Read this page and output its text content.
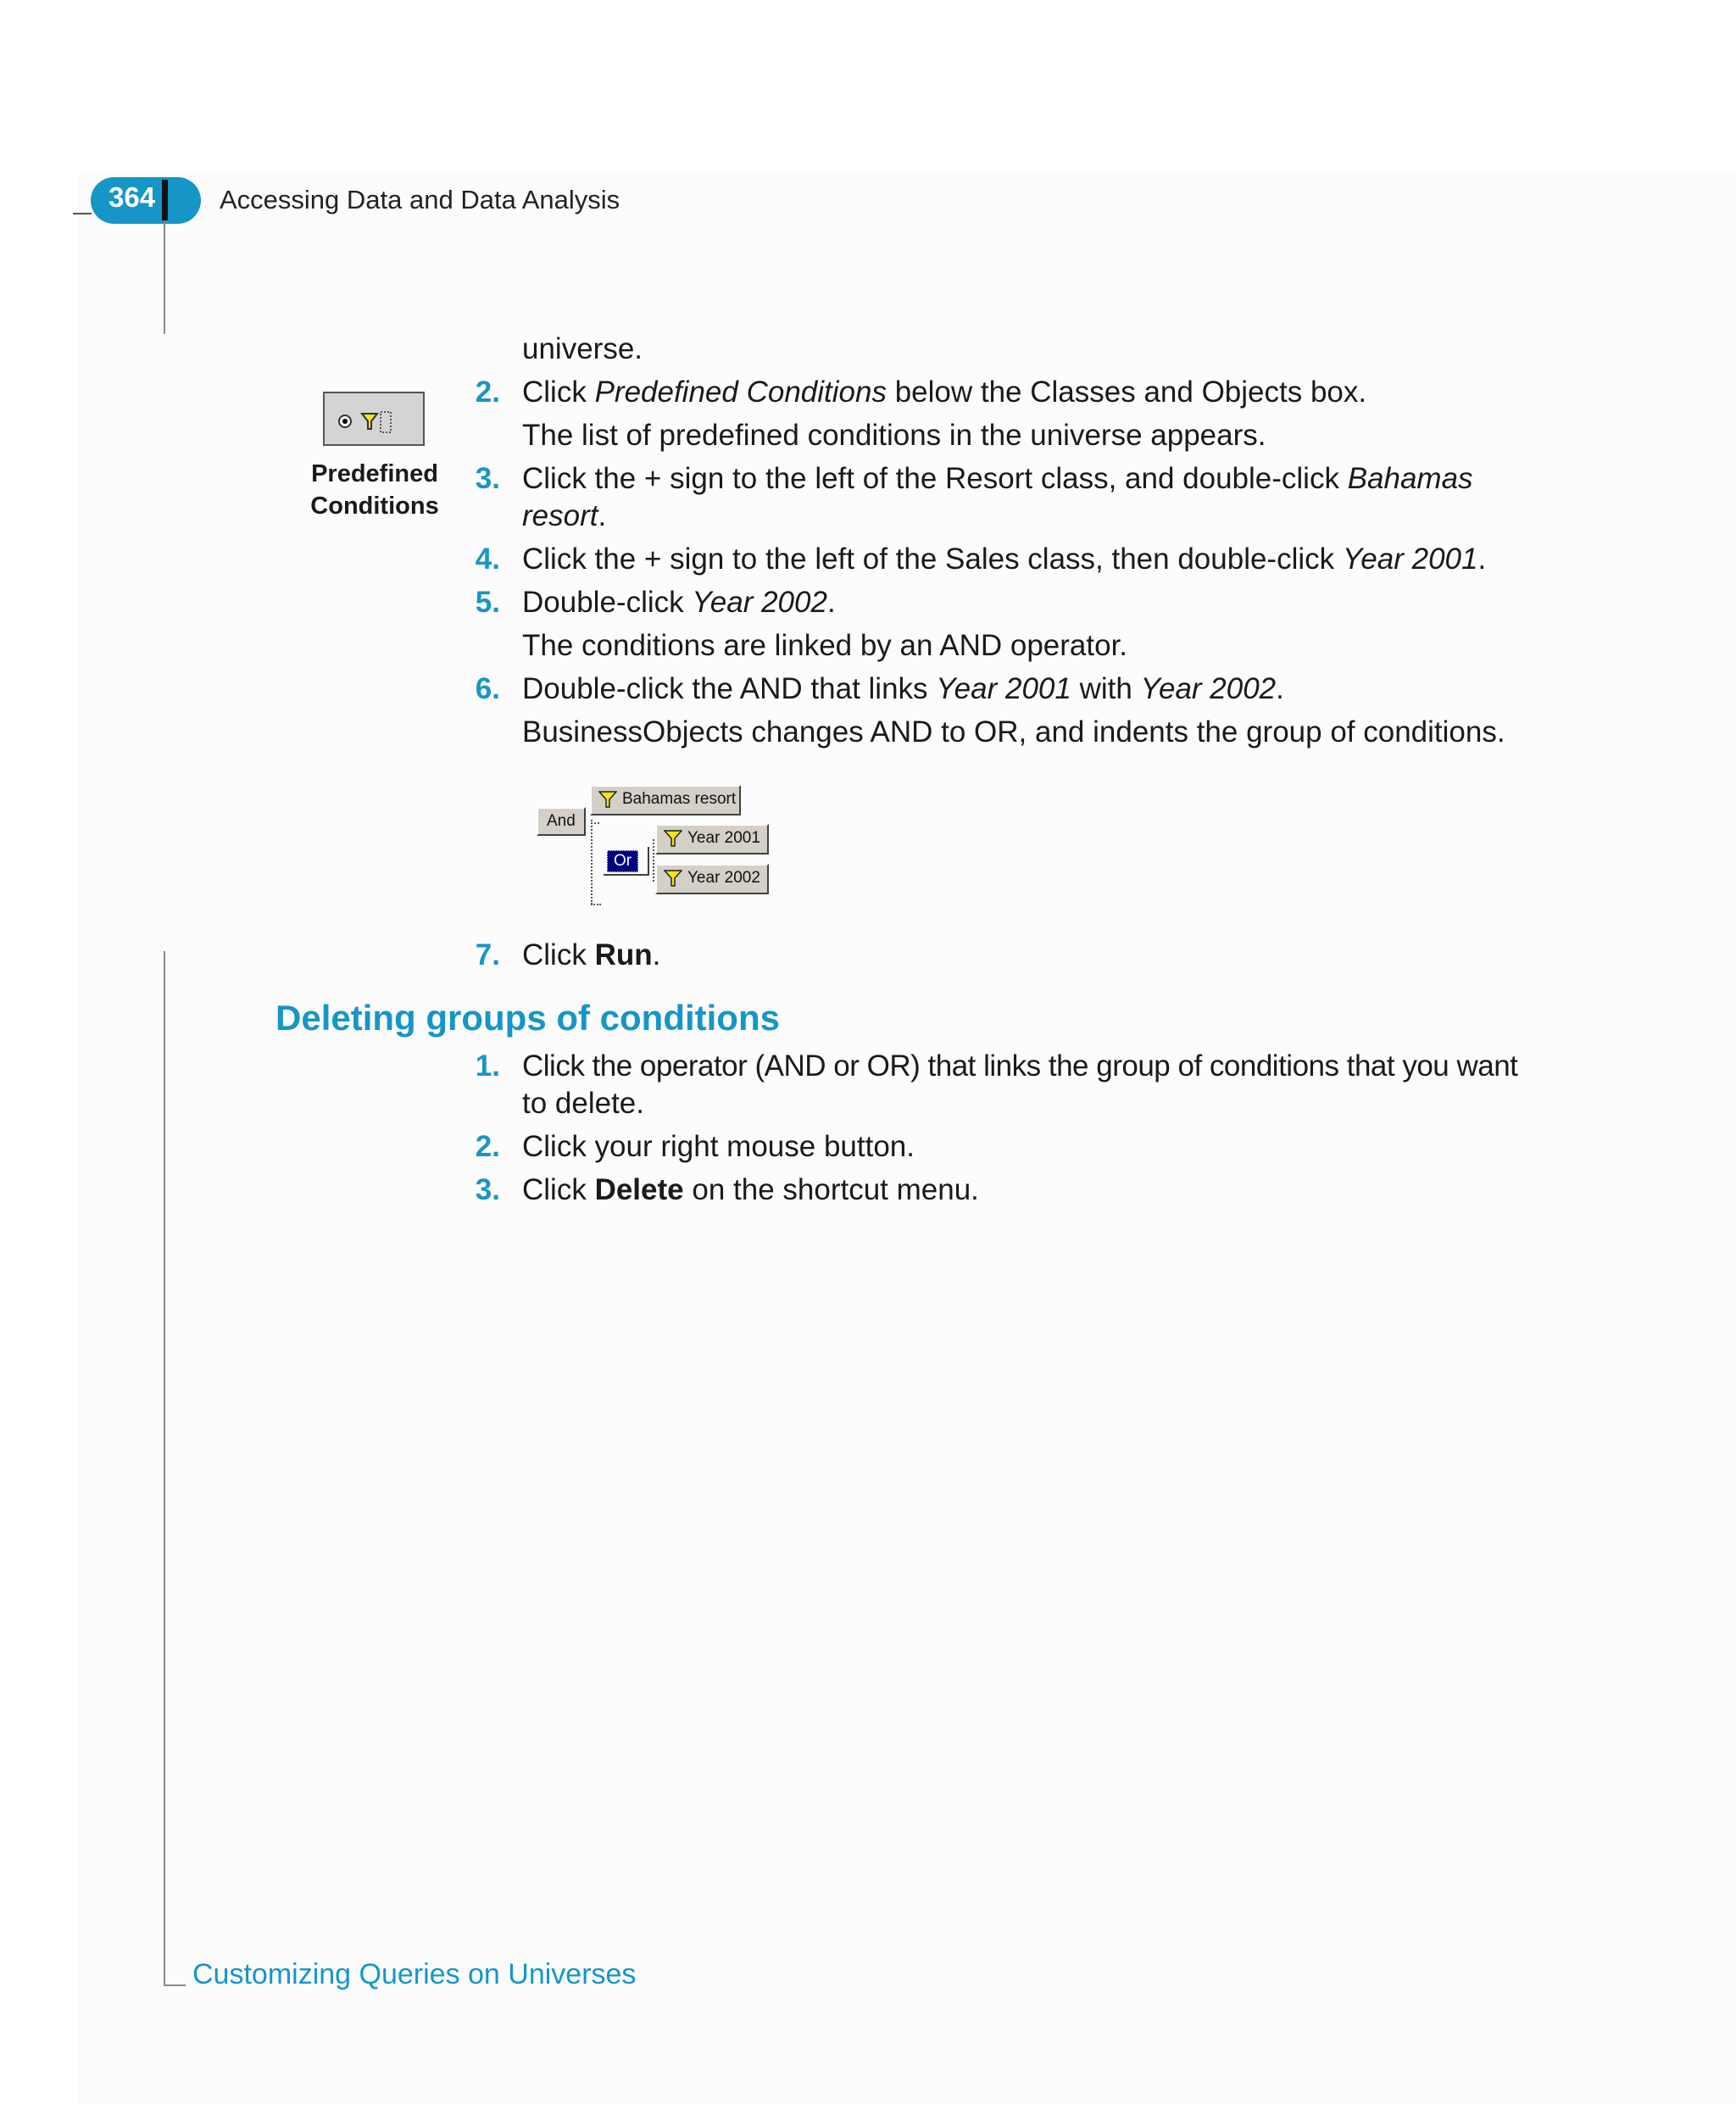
364 Accessing Data and Data Analysis
Predefined
Conditions
universe.
2. Click Predefined Conditions below the Classes and Objects box.
The list of predefined conditions in the universe appears.
3. Click the + sign to the left of the Resort class, and double-click Bahamas
resort.
4. Click the + sign to the left of the Sales class, then double-click Year 2001.
5. Double-click Year 2002.
The conditions are linked by an AND operator.
6. Double-click the AND that links Year 2001 with Year 2002.
BusinessObjects changes AND to OR, and indents the group of conditions.
And
Bahamas resort
Or
Year 2001
Year 2002
7. Click Run.
Deleting groups of conditions
1. Click the operator (AND or OR) that links the group of conditions that you want
to delete.
2. Click your right mouse button.
3. Click Delete on the shortcut menu.
Customizing Queries on Universes
